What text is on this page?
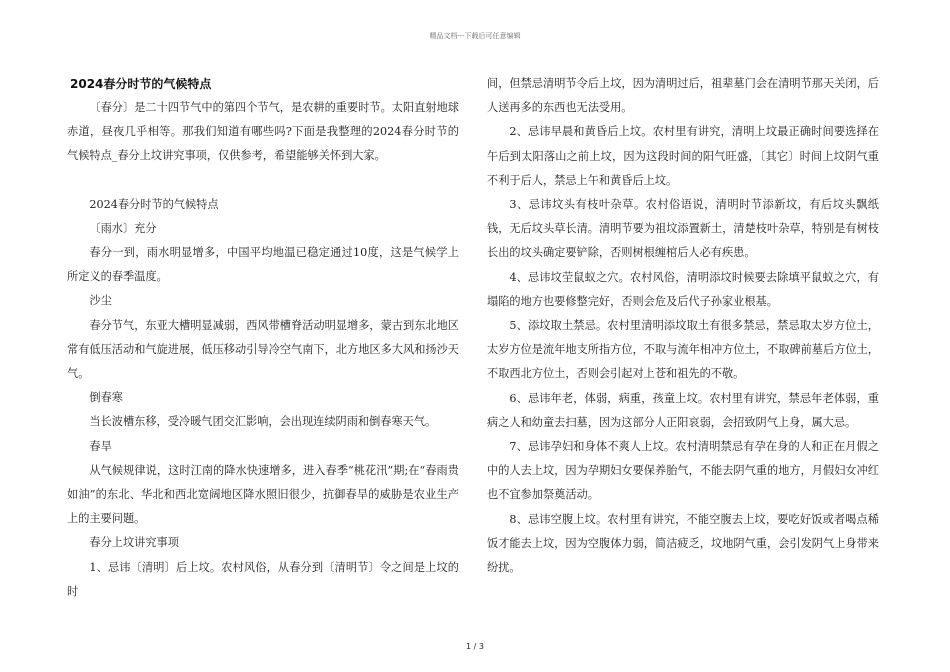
精品文档---下载后可任意编辑
2024春分时节的气候特点

〔春分〕是二十四节气中的第四个节气，是农耕的重要时节。太阳直射地球赤道，昼夜几乎相等。那我们知道有哪些吗?下面是我整理的2024春分时节的气候特点_春分上坟讲究事项，仅供参考，希望能够关怀到大家。

2024春分时节的气候特点

〔雨水〕充分

春分一到，雨水明显增多，中国平均地温已稳定通过10度，这是气候学上所定义的春季温度。

沙尘

春分节气，东亚大槽明显减弱，西风带槽脊活动明显增多，蒙古到东北地区常有低压活动和气旋进展，低压移动引导冷空气南下，北方地区多大风和扬沙天气。

倒春寒

当长波槽东移，受冷暖气团交汇影响，会出现连续阴雨和倒春寒天气。

春旱

从气候规律说，这时江南的降水快速增多，进入春季“桃花汛”期;在“春雨贵如油”的东北、华北和西北宽阔地区降水照旧很少，抗御春旱的威胁是农业生产上的主要问题。

春分上坟讲究事项

1、忌讳〔清明〕后上坟。农村风俗，从春分到〔清明节〕令之间是上坟的时

间，但禁忌清明节令后上坟，因为清明过后，祖辈墓门会在清明节那天关闭，后人送再多的东西也无法受用。

2、忌讳早晨和黄昏后上坟。农村里有讲究，清明上坟最正确时间要选择在午后到太阳落山之前上坟，因为这段时间的阳气旺盛，〔其它〕时间上坟阴气重不利于后人，禁忌上午和黄昏后上坟。

3、忌讳坟头有枝叶杂草。农村俗语说，清明时节添新坟，有后坟头飘纸钱，无后坟头草长清。清明节要为祖坟添置新土，清楚枝叶杂草，特别是有树枝长出的坟头确定要铲除，否则树根缠棺后人必有疾患。

4、忌讳坟茔鼠蚁之穴。农村风俗，清明添坟时候要去除填平鼠蚁之穴，有塌陷的地方也要修整完好，否则会危及后代子孙家业根基。

5、添坟取土禁忌。农村里清明添坟取土有很多禁忌，禁忌取太岁方位土，太岁方位是流年地支所指方位，不取与流年相冲方位土，不取碑前墓后方位土，不取西北方位土，否则会引起对上苍和祖先的不敬。

6、忌讳年老，体弱，病重，孩童上坟。农村里有讲究，禁忌年老体弱，重病之人和幼童去扫墓，因为这部分人正阳哀弱，会招致阴气上身，属大忌。

7、忌讳孕妇和身体不爽人上坟。农村清明禁忌有孕在身的人和正在月假之中的人去上坟，因为孕期妇女要保养胎气，不能去阴气重的地方，月假妇女冲红也不宜参加祭奠活动。

8、忌讳空腹上坟。农村里有讲究，不能空腹去上坟，要吃好饭或者喝点稀饭才能去上坟，因为空腹体力弱，简洁疲乏，坟地阴气重，会引发阴气上身带来纷扰。

1 / 3
